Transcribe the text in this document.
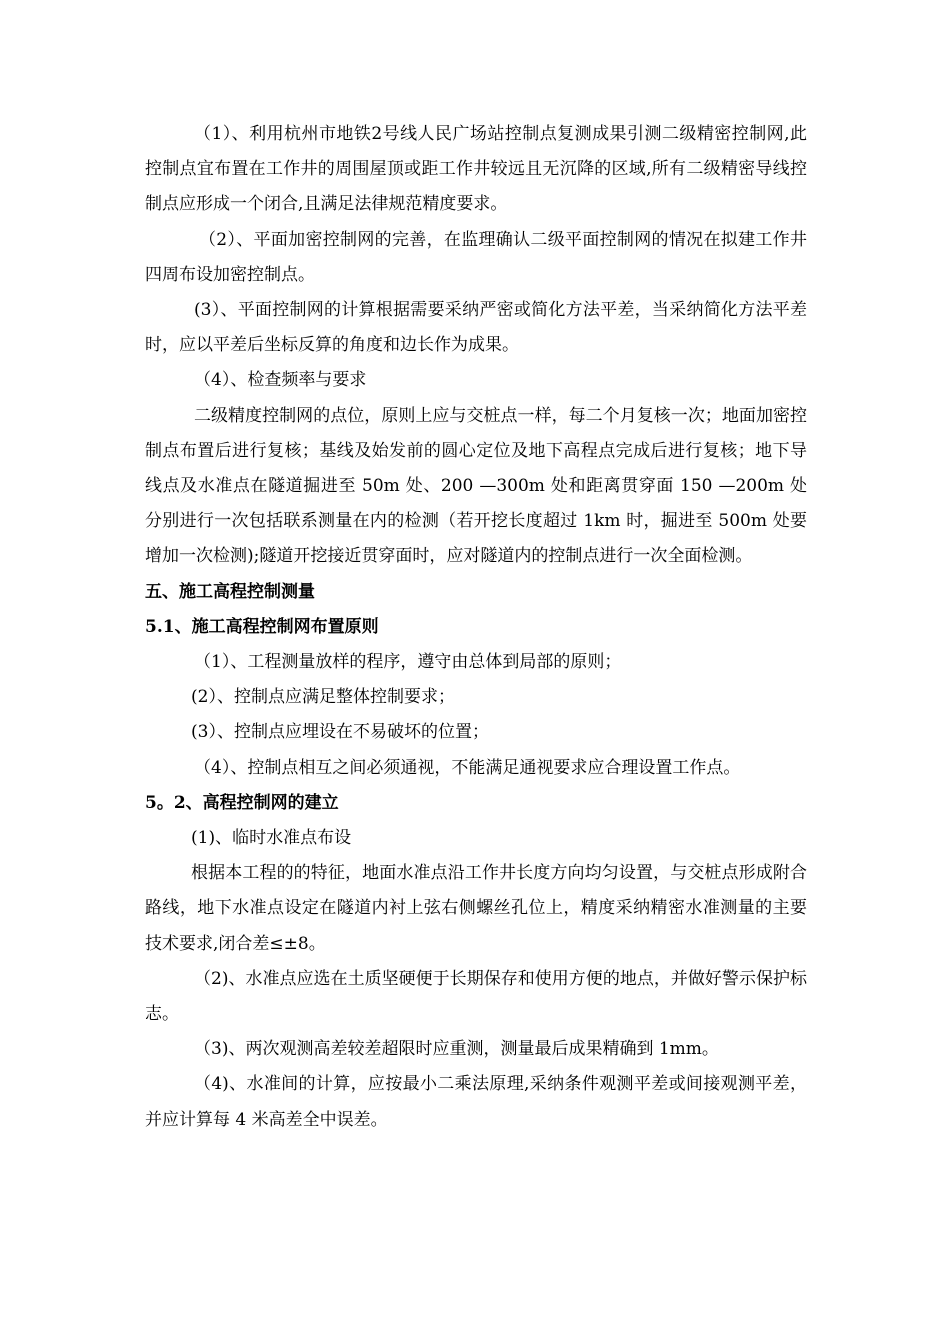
（1）、利用杭州市地铁2号线人民广场站控制点复测成果引测二级精密控制网,此控制点宜布置在工作井的周围屋顶或距工作井较远且无沉降的区域,所有二级精密导线控制点应形成一个闭合,且满足法律规范精度要求。

（2）、平面加密控制网的完善，在监理确认二级平面控制网的情况在拟建工作井四周布设加密控制点。

(3）、平面控制网的计算根据需要采纳严密或简化方法平差，当采纳简化方法平差时，应以平差后坐标反算的角度和边长作为成果。

（4）、检查频率与要求

二级精度控制网的点位，原则上应与交桩点一样，每二个月复核一次；地面加密控制点布置后进行复核；基线及始发前的圆心定位及地下高程点完成后进行复核；地下导线点及水准点在隧道掘进至 50m 处、200 —300m 处和距离贯穿面 150 —200m 处分别进行一次包括联系测量在内的检测（若开挖长度超过 1km 时，掘进至 500m 处要增加一次检测);隧道开挖接近贯穿面时，应对隧道内的控制点进行一次全面检测。

五、施工高程控制测量

5.1、施工高程控制网布置原则

（1）、工程测量放样的程序，遵守由总体到局部的原则；

(2）、控制点应满足整体控制要求；

(3）、控制点应埋设在不易破坏的位置；

（4）、控制点相互之间必须通视，不能满足通视要求应合理设置工作点。

5。2、高程控制网的建立

(1)、临时水准点布设

根据本工程的的特征，地面水准点沿工作井长度方向均匀设置，与交桩点形成附合路线，地下水准点设定在隧道内衬上弦右侧螺丝孔位上，精度采纳精密水准测量的主要技术要求,闭合差≤±8。

（2)、水准点应选在土质坚硬便于长期保存和使用方便的地点，并做好警示保护标志。

（3)、两次观测高差较差超限时应重测，测量最后成果精确到 1mm。

（4)、水准间的计算，应按最小二乘法原理,采纳条件观测平差或间接观测平差，并应计算每 4 米高差全中误差。
